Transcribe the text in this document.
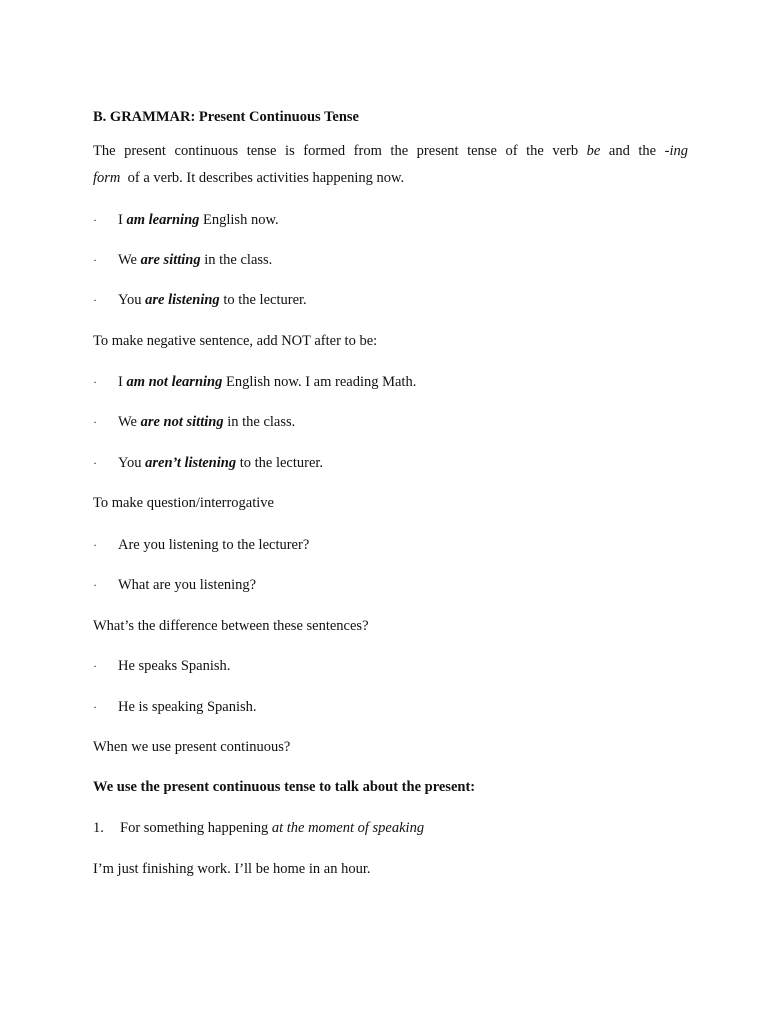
B. GRAMMAR: Present Continuous Tense
The present continuous tense is formed from the present tense of the verb be and the -ing
form  of a verb. It describes activities happening now.
· I am learning English now.
· We are sitting in the class.
· You are listening to the lecturer.
To make negative sentence, add NOT after to be:
· I am not learning English now. I am reading Math.
· We are not sitting in the class.
· You aren’t listening to the lecturer.
To make question/interrogative
· Are you listening to the lecturer?
· What are you listening?
What’s the difference between these sentences?
· He speaks Spanish.
· He is speaking Spanish.
When we use present continuous?
We use the present continuous tense to talk about the present:
1. For something happening at the moment of speaking
I’m just finishing work. I’ll be home in an hour.
